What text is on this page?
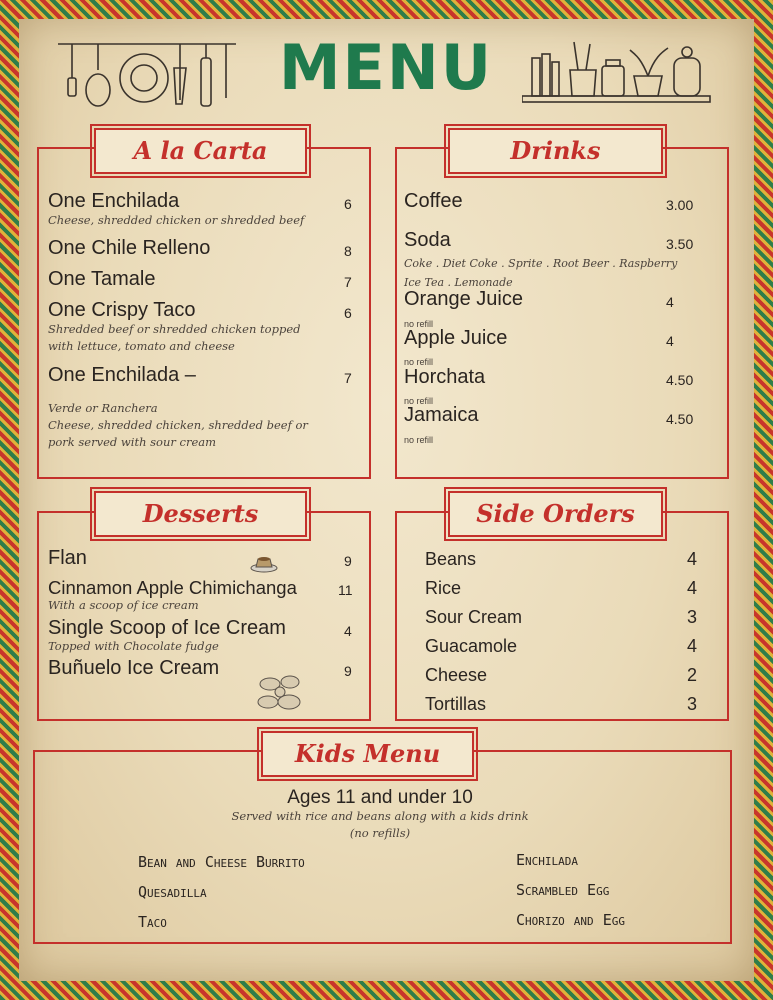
MENU
A la Carta
One Enchilada	6
Cheese, shredded chicken or shredded beef
One Chile Relleno	8
One Tamale	7
One Crispy Taco	6
Shredded beef or shredded chicken topped
with lettuce, tomato and cheese
One Enchilada –	7
Verde or Ranchera
Cheese, shredded chicken, shredded beef or
pork served with sour cream
Drinks
Coffee	3.00
Soda	3.50
Coke . Diet Coke . Sprite . Root Beer . Raspberry
Ice Tea . Lemonade
Orange Juice	4
no refill
Apple Juice	4
no refill
Horchata	4.50
no refill
Jamaica	4.50
no refill
Desserts
Flan	9
Cinnamon Apple Chimichanga	11
With a scoop of ice cream
Single Scoop of Ice Cream	4
Topped with Chocolate fudge
Buñuelo Ice Cream	9
Side Orders
Beans	4
Rice	4
Sour Cream	3
Guacamole	4
Cheese	2
Tortillas	3
Kids Menu
Ages 11 and under 10
Served with rice and beans along with a kids drink
(no refills)
Bean and Cheese Burrito
Quesadilla
Taco
Enchilada
Scrambled Egg
Chorizo and Egg
